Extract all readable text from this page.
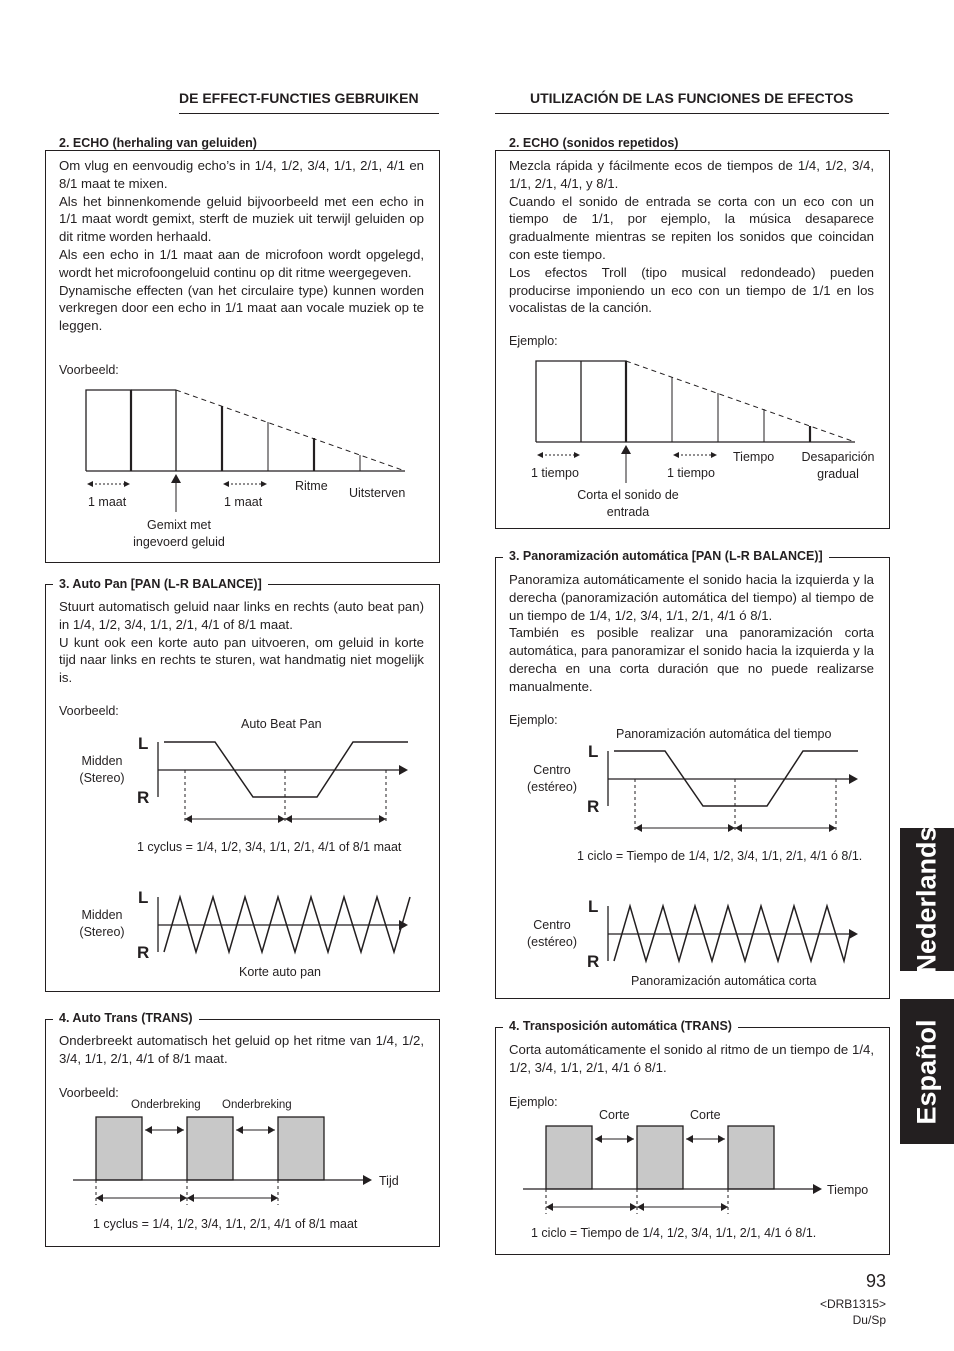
DE EFFECT-FUNCTIES GEBRUIKEN	UTILIZACIÓN DE LAS FUNCIONES DE EFECTOS
2. ECHO (herhaling van geluiden)
Om vlug en eenvoudig echo’s in 1/4, 1/2, 3/4, 1/1, 2/1, 4/1 en 8/1 maat te mixen.
Als het binnenkomende geluid bijvoorbeeld met een echo in 1/1 maat wordt gemixt, sterft de muziek uit terwijl geluiden op dit ritme worden herhaald.
Als een echo in 1/1 maat aan de microfoon wordt opgelegd, wordt het microfoongeluid continu op dit ritme weergegeven.
Dynamische effecten (van het circulaire type) kunnen worden verkregen door een echo in 1/1 maat aan vocale muziek op te leggen.
Voorbeeld:
1 maat	1 maat
Ritme Uitsterven
Gemixt met ingevoerd geluid
3. Auto Pan [PAN (L-R BALANCE)]
Stuurt automatisch geluid naar links en rechts (auto beat pan) in 1/4, 1/2, 3/4, 1/1, 2/1, 4/1 of 8/1 maat.
U kunt ook een korte auto pan uitvoeren, om geluid in korte tijd naar links en rechts te sturen, wat handmatig niet mogelijk is.
Voorbeeld:
Auto Beat Pan
Midden (Stereo)
L
R
1 cyclus = 1/4, 1/2, 3/4, 1/1, 2/1, 4/1 of 8/1 maat
Midden (Stereo)
L
R
Korte auto pan
4. Auto Trans (TRANS)
Onderbreekt automatisch het geluid op het ritme van 1/4, 1/2, 3/4, 1/1, 2/1, 4/1 of 8/1 maat.
Voorbeeld:
Onderbreking Onderbreking
Tijd
1 cyclus = 1/4, 1/2, 3/4, 1/1, 2/1, 4/1 of 8/1 maat
2. ECHO (sonidos repetidos)
Mezcla rápida y fácilmente ecos de tiempos de 1/4, 1/2, 3/4, 1/1, 2/1, 4/1, y 8/1.
Cuando el sonido de entrada se corta con un eco con un tiempo de 1/1, por ejemplo, la música desaparece gradualmente mientras se repiten los sonidos que coincidan con este tiempo.
Los efectos Troll (tipo musical redondeado) pueden producirse imponiendo un eco con un tiempo de 1/1 en los vocalistas de la canción.
Ejemplo:
1 tiempo	1 tiempo
Tiempo	Desaparición gradual
Corta el sonido de entrada
3. Panoramización automática [PAN (L-R BALANCE)]
Panoramiza automáticamente el sonido hacia la izquierda y la derecha (panoramización automática del tiempo) al tiempo de un tiempo de 1/4, 1/2, 3/4, 1/1, 2/1, 4/1 ó 8/1.
También es posible realizar una panoramización corta automática, para panoramizar el sonido hacia la izquierda y la derecha en una corta duración que no puede realizarse manualmente.
Ejemplo:
Panoramización automática del tiempo
Centro (estéreo)
L
R
1 ciclo = Tiempo de 1/4, 1/2, 3/4, 1/1, 2/1, 4/1 ó 8/1.
Centro (estéreo)
L
R
Panoramización automática corta
4. Transposición automática (TRANS)
Corta automáticamente el sonido al ritmo de un tiempo de 1/4, 1/2, 3/4, 1/1, 2/1, 4/1 ó 8/1.
Ejemplo:
Corte	Corte
Tiempo
1 ciclo = Tiempo de 1/4, 1/2, 3/4, 1/1, 2/1, 4/1 ó 8/1.
Nederlands
Español
93
<DRB1315>
Du/Sp
